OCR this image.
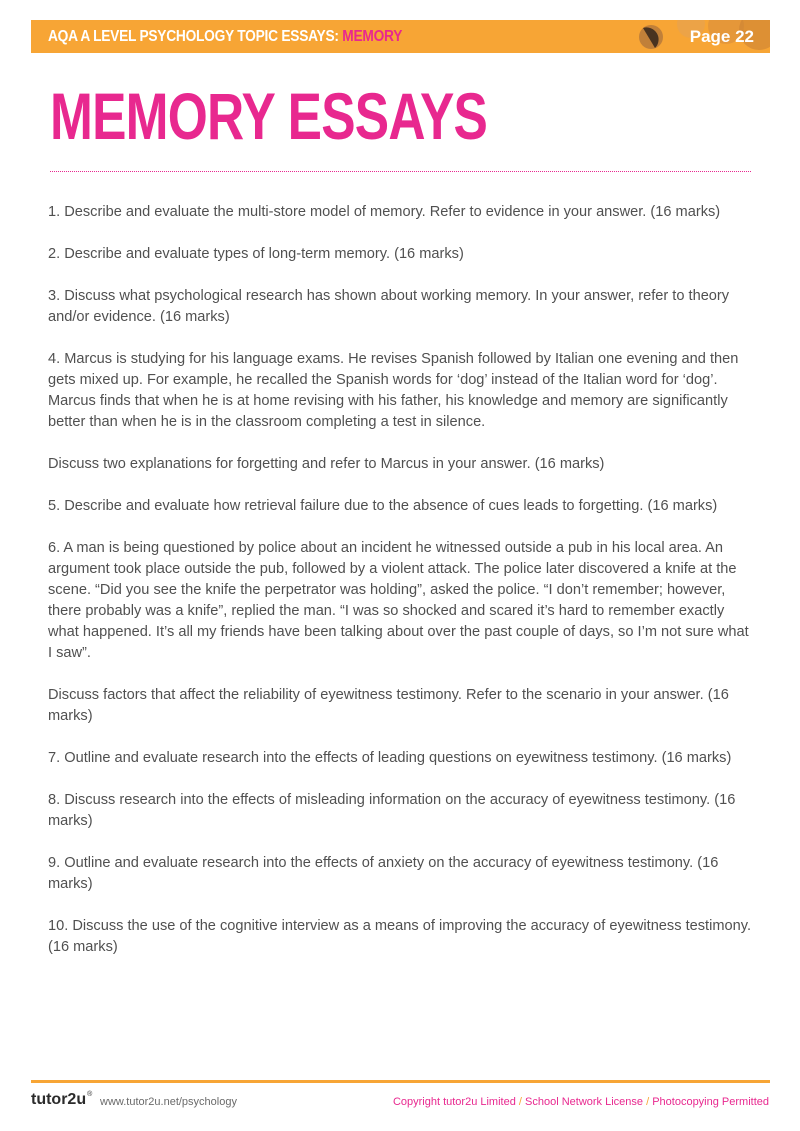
AQA A LEVEL PSYCHOLOGY TOPIC ESSAYS: MEMORY	Page 22
MEMORY ESSAYS

1. Describe and evaluate the multi-store model of memory. Refer to evidence in your answer. (16 marks)

2. Describe and evaluate types of long-term memory. (16 marks)

3. Discuss what psychological research has shown about working memory. In your answer, refer to theory and/or evidence. (16 marks)

4. Marcus is studying for his language exams. He revises Spanish followed by Italian one evening and then gets mixed up. For example, he recalled the Spanish words for ‘dog’ instead of the Italian word for ‘dog’. Marcus finds that when he is at home revising with his father, his knowledge and memory are significantly better than when he is in the classroom completing a test in silence.

Discuss two explanations for forgetting and refer to Marcus in your answer. (16 marks)

5. Describe and evaluate how retrieval failure due to the absence of cues leads to forgetting. (16 marks)

6. A man is being questioned by police about an incident he witnessed outside a pub in his local area. An argument took place outside the pub, followed by a violent attack. The police later discovered a knife at the scene. “Did you see the knife the perpetrator was holding”, asked the police. “I don’t remember; however, there probably was a knife”, replied the man. “I was so shocked and scared it’s hard to remember exactly what happened. It’s all my friends have been talking about over the past couple of days, so I’m not sure what I saw”.

Discuss factors that affect the reliability of eyewitness testimony. Refer to the scenario in your answer. (16 marks)

7. Outline and evaluate research into the effects of leading questions on eyewitness testimony. (16 marks)

8. Discuss research into the effects of misleading information on the accuracy of eyewitness testimony. (16 marks)

9. Outline and evaluate research into the effects of anxiety on the accuracy of eyewitness testimony. (16 marks)

10. Discuss the use of the cognitive interview as a means of improving the accuracy of eyewitness testimony. (16 marks)

tutor2u®
www.tutor2u.net/psychology	Copyright tutor2u Limited / School Network License / Photocopying Permitted
